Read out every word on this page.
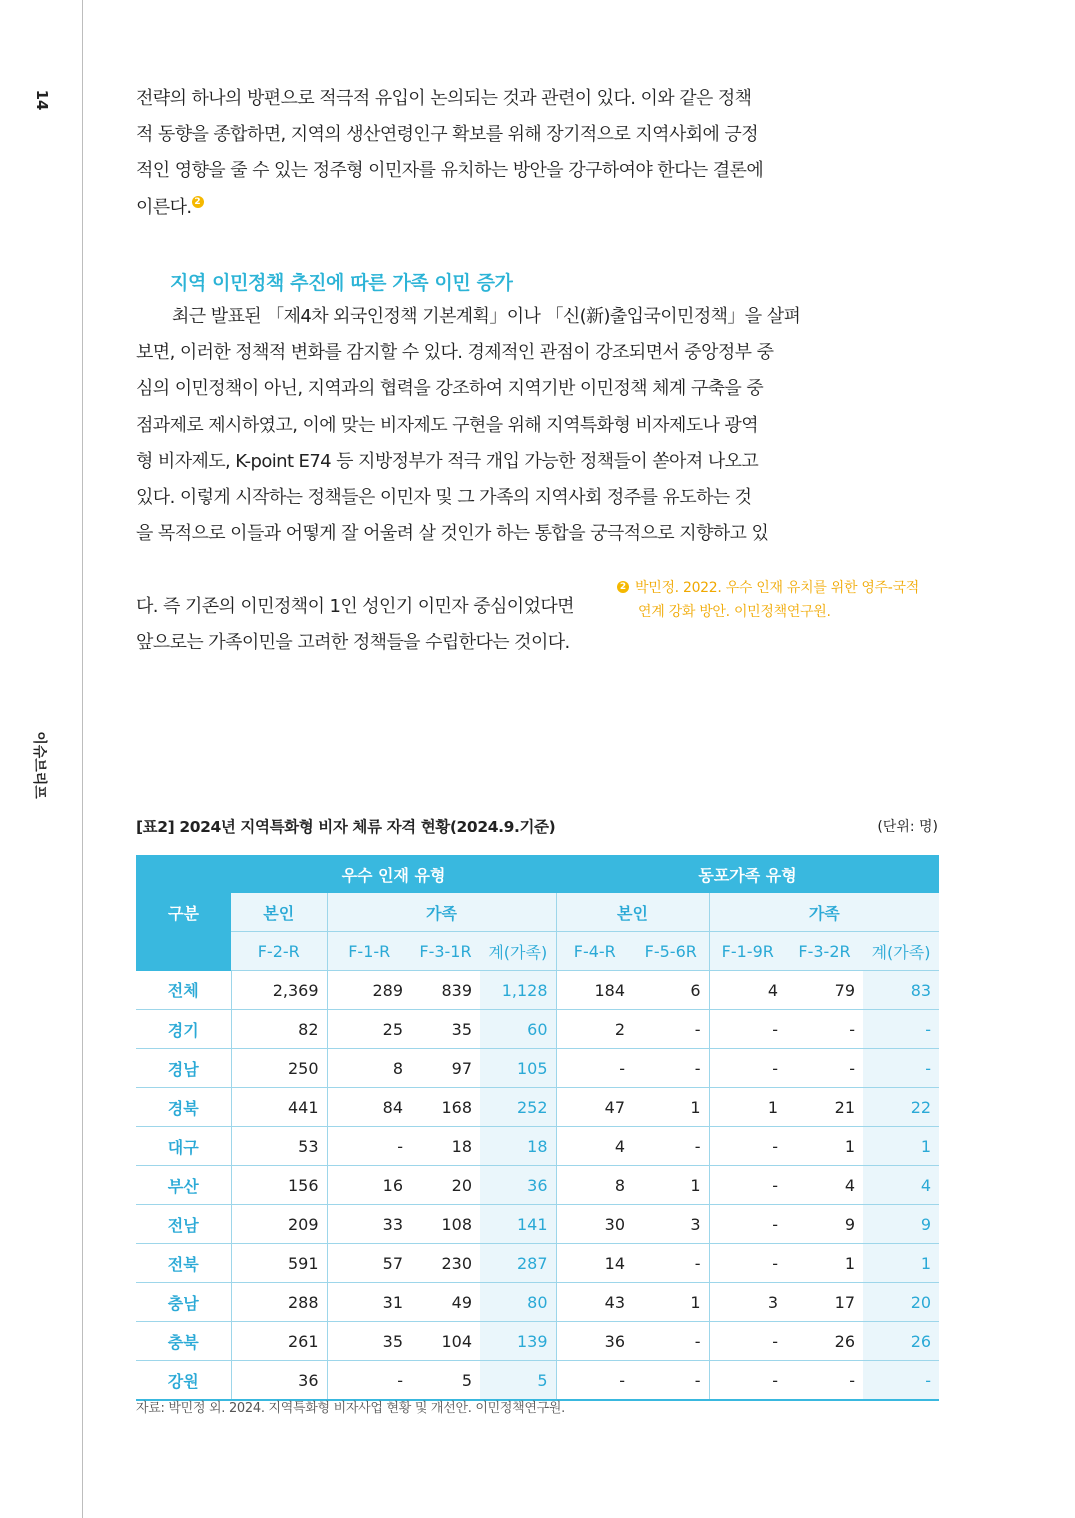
14
이슈브리프
전략의 하나의 방편으로 적극적 유입이 논의되는 것과 관련이 있다. 이와 같은 정책
적 동향을 종합하면, 지역의 생산연령인구 확보를 위해 장기적으로 지역사회에 긍정
적인 영향을 줄 수 있는 정주형 이민자를 유치하는 방안을 강구하여야 한다는 결론에
이른다. 2
지역 이민정책 추진에 따른 가족 이민 증가
최근 발표된 「제4차 외국인정책 기본계획」이나 「신(新)출입국이민정책」을 살펴
보면, 이러한 정책적 변화를 감지할 수 있다. 경제적인 관점이 강조되면서 중앙정부 중
심의 이민정책이 아닌, 지역과의 협력을 강조하여 지역기반 이민정책 체계 구축을 중
점과제로 제시하였고, 이에 맞는 비자제도 구현을 위해 지역특화형 비자제도나 광역
형 비자제도, K-point E74 등 지방정부가 적극 개입 가능한 정책들이 쏟아져 나오고
있다. 이렇게 시작하는 정책들은 이민자 및 그 가족의 지역사회 정주를 유도하는 것
을 목적으로 이들과 어떻게 잘 어울려 살 것인가 하는 통합을 궁극적으로 지향하고 있
다. 즉 기존의 이민정책이 1인 성인기 이민자 중심이었다면
앞으로는 가족이민을 고려한 정책들을 수립한다는 것이다.
2 박민정. 2022. 우수 인재 유치를 위한 영주-국적
연계 강화 방안. 이민정책연구원.
[표2] 2024년 지역특화형 비자 체류 자격 현황(2024.9.기준)	(단위: 명)
구분	우수 인재 유형				동포가족 유형				
	본인	가족			본인		가족		
	F-2-R	F-1-R	F-3-1R	계(가족)	F-4-R	F-5-6R	F-1-9R	F-3-2R	계(가족)
전체	2,369	289	839	1,128	184	6	4	79	83
경기	82	25	35	60	2	-	-	-	-
경남	250	8	97	105	-	-	-	-	-
경북	441	84	168	252	47	1	1	21	22
대구	53	-	18	18	4	-	-	1	1
부산	156	16	20	36	8	1	-	4	4
전남	209	33	108	141	30	3	-	9	9
전북	591	57	230	287	14	-	-	1	1
충남	288	31	49	80	43	1	3	17	20
충북	261	35	104	139	36	-	-	26	26
강원	36	-	5	5	-	-	-	-	-
자료: 박민정 외. 2024. 지역특화형 비자사업 현황 및 개선안. 이민정책연구원.
